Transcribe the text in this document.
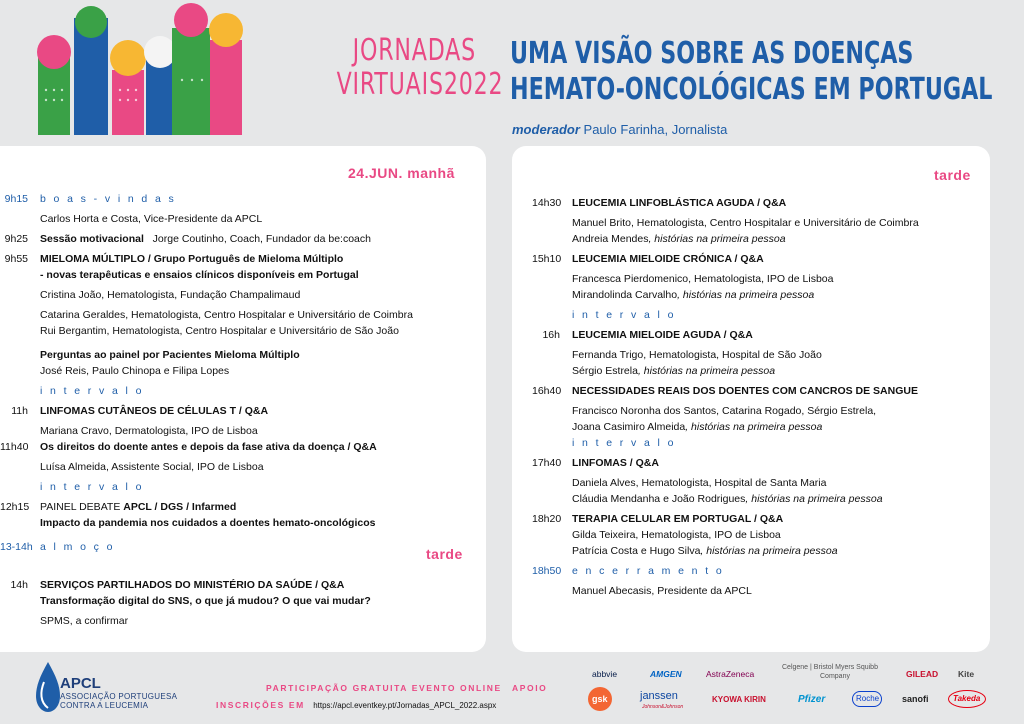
JORNADAS
VIRTUAIS2022
UMA VISÃO SOBRE AS DOENÇAS
HEMATO-ONCOLÓGICAS EM PORTUGAL
moderador Paulo Farinha, Jornalista
24.JUN. manhã
9h15	b o a s - v i n d a s
Carlos Horta e Costa, Vice-Presidente da APCL
9h25	Sessão motivacional Jorge Coutinho, Coach, Fundador da be:coach
9h55	MIELOMA MÚLTIPLO / Grupo Português de Mieloma Múltiplo
- novas terapêuticas e ensaios clínicos disponíveis em Portugal
Cristina João, Hematologista, Fundação Champalimaud
Catarina Geraldes, Hematologista, Centro Hospitalar e Universitário de Coimbra
Rui Bergantim, Hematologista, Centro Hospitalar e Universitário de São João
Perguntas ao painel por Pacientes Mieloma Múltiplo
José Reis, Paulo Chinopa e Filipa Lopes
i n t e r v a l o
11h	LINFOMAS CUTÂNEOS DE CÉLULAS T / Q&A
Mariana Cravo, Dermatologista, IPO de Lisboa
11h40	Os direitos do doente antes e depois da fase ativa da doença / Q&A
Luísa Almeida, Assistente Social, IPO de Lisboa
i n t e r v a l o
12h15	PAINEL DEBATE APCL / DGS / Infarmed
Impacto da pandemia nos cuidados a doentes hemato-oncológicos
13-14h a l m o ç o	tarde
14h	SERVIÇOS PARTILHADOS DO MINISTÉRIO DA SAÚDE / Q&A
Transformação digital do SNS, o que já mudou? O que vai mudar?
SPMS, a confirmar
tarde
14h30	LEUCEMIA LINFOBLÁSTICA AGUDA / Q&A
Manuel Brito, Hematologista, Centro Hospitalar e Universitário de Coimbra
Andreia Mendes, histórias na primeira pessoa
15h10	LEUCEMIA MIELOIDE CRÓNICA / Q&A
Francesca Pierdomenico, Hematologista, IPO de Lisboa
Mirandolinda Carvalho, histórias na primeira pessoa
i n t e r v a l o
16h	LEUCEMIA MIELOIDE AGUDA / Q&A
Fernanda Trigo, Hematologista, Hospital de São João
Sérgio Estrela, histórias na primeira pessoa
16h40	NECESSIDADES REAIS DOS DOENTES COM CANCROS DE SANGUE
Francisco Noronha dos Santos, Catarina Rogado, Sérgio Estrela,
Joana Casimiro Almeida, histórias na primeira pessoa
i n t e r v a l o
17h40	LINFOMAS / Q&A
Daniela Alves, Hematologista, Hospital de Santa Maria
Cláudia Mendanha e João Rodrigues, histórias na primeira pessoa
18h20	TERAPIA CELULAR EM PORTUGAL / Q&A
Gilda Teixeira, Hematologista, IPO de Lisboa
Patrícia Costa e Hugo Silva, histórias na primeira pessoa
18h50	e n c e r r a m e n t o
Manuel Abecasis, Presidente da APCL
APCL
ASSOCIAÇÃO PORTUGUESA
CONTRA A LEUCEMIA
PARTICIPAÇÃO GRATUITA EVENTO ONLINE
INSCRIÇÕES EM https://apcl.eventkey.pt/Jornadas_APCL_2022.aspx
APOIO
abbvie	AMGEN	AstraZeneca
Celgene | Bristol Myers Squibb
Company	GILEAD Kite
gsk	janssen
Johnson&Johnson
KYOWA KIRIN	Pfizer	Roche	sanofi	Takeda
